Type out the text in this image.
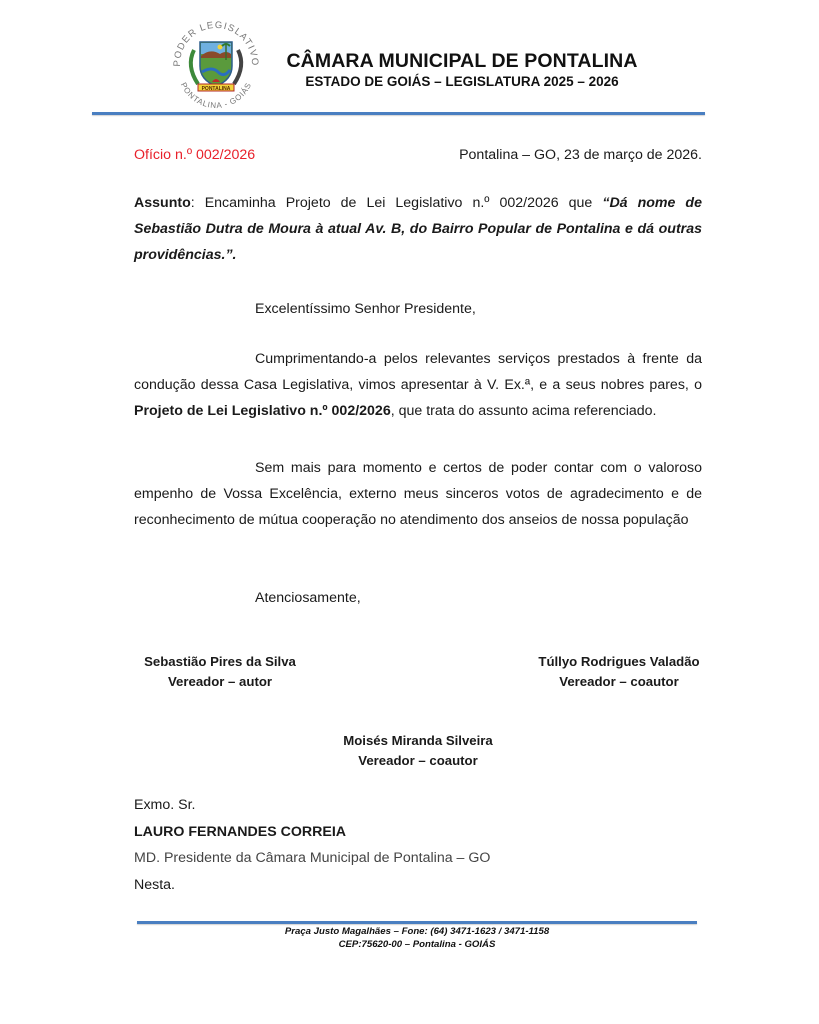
PODER LEGISLATIVO
PONTALINA - GOIÁS
PONTALINA
CÂMARA MUNICIPAL DE PONTALINA
ESTADO DE GOIÁS – LEGISLATURA 2025 – 2026
Ofício n.º 002/2026	Pontalina – GO, 23 de março de 2026.
Assunto: Encaminha Projeto de Lei Legislativo n.º 002/2026 que “Dá nome de Sebastião Dutra de Moura à atual Av. B, do Bairro Popular de Pontalina e dá outras providências.”.
Excelentíssimo Senhor Presidente,
Cumprimentando-a pelos relevantes serviços prestados à frente da condução dessa Casa Legislativa, vimos apresentar à V. Ex.ª, e a seus nobres pares, o Projeto de Lei Legislativo n.º 002/2026, que trata do assunto acima referenciado.
Sem mais para momento e certos de poder contar com o valoroso empenho de Vossa Excelência, externo meus sinceros votos de agradecimento e de reconhecimento de mútua cooperação no atendimento dos anseios de nossa população
Atenciosamente,
Sebastião Pires da Silva
Vereador – autor
Túllyo Rodrigues Valadão
Vereador – coautor
Moisés Miranda Silveira
Vereador – coautor
Exmo. Sr.
LAURO FERNANDES CORREIA
MD. Presidente da Câmara Municipal de Pontalina – GO
Nesta.
Praça Justo Magalhães – Fone: (64) 3471-1623 / 3471-1158
CEP:75620-00 – Pontalina - GOIÁS
